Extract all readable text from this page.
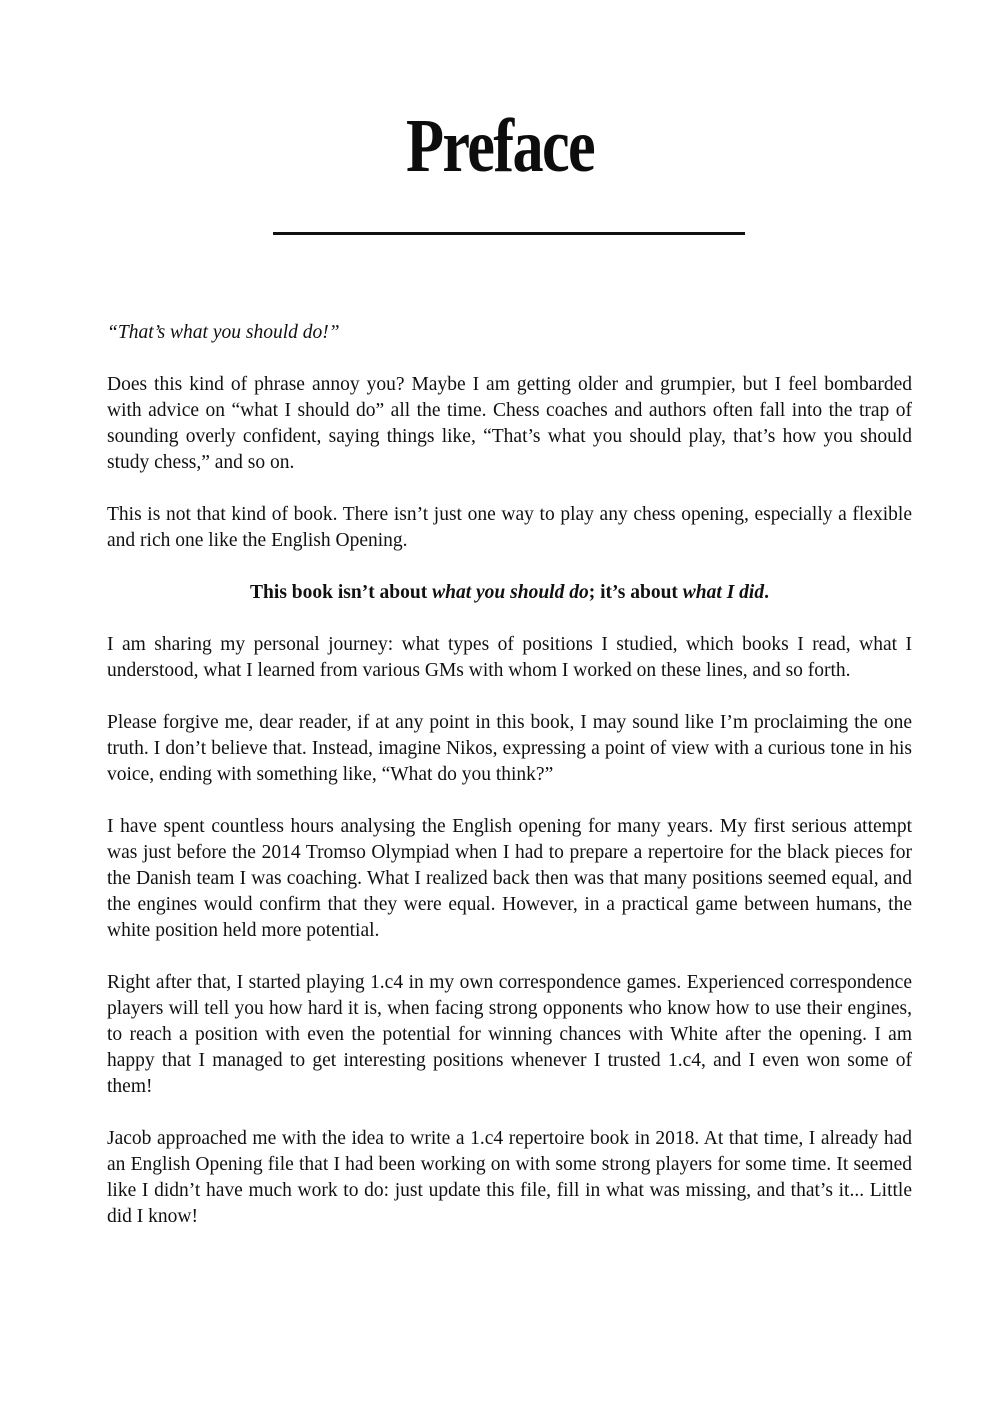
Preface

“That’s what you should do!”

Does this kind of phrase annoy you? Maybe I am getting older and grumpier, but I feel bombarded with advice on “what I should do” all the time. Chess coaches and authors often fall into the trap of sounding overly confident, saying things like, “That’s what you should play, that’s how you should study chess,” and so on.

This is not that kind of book. There isn’t just one way to play any chess opening, especially a flexible and rich one like the English Opening.

This book isn’t about what you should do; it’s about what I did.

I am sharing my personal journey: what types of positions I studied, which books I read, what I understood, what I learned from various GMs with whom I worked on these lines, and so forth.

Please forgive me, dear reader, if at any point in this book, I may sound like I’m proclaiming the one truth. I don’t believe that. Instead, imagine Nikos, expressing a point of view with a curious tone in his voice, ending with something like, “What do you think?”

I have spent countless hours analysing the English opening for many years. My first serious attempt was just before the 2014 Tromso Olympiad when I had to prepare a repertoire for the black pieces for the Danish team I was coaching. What I realized back then was that many positions seemed equal, and the engines would confirm that they were equal. However, in a practical game between humans, the white position held more potential.

Right after that, I started playing 1.c4 in my own correspondence games. Experienced correspondence players will tell you how hard it is, when facing strong opponents who know how to use their engines, to reach a position with even the potential for winning chances with White after the opening. I am happy that I managed to get interesting positions whenever I trusted 1.c4, and I even won some of them!

Jacob approached me with the idea to write a 1.c4 repertoire book in 2018. At that time, I already had an English Opening file that I had been working on with some strong players for some time. It seemed like I didn’t have much work to do: just update this file, fill in what was missing, and that’s it... Little did I know!
